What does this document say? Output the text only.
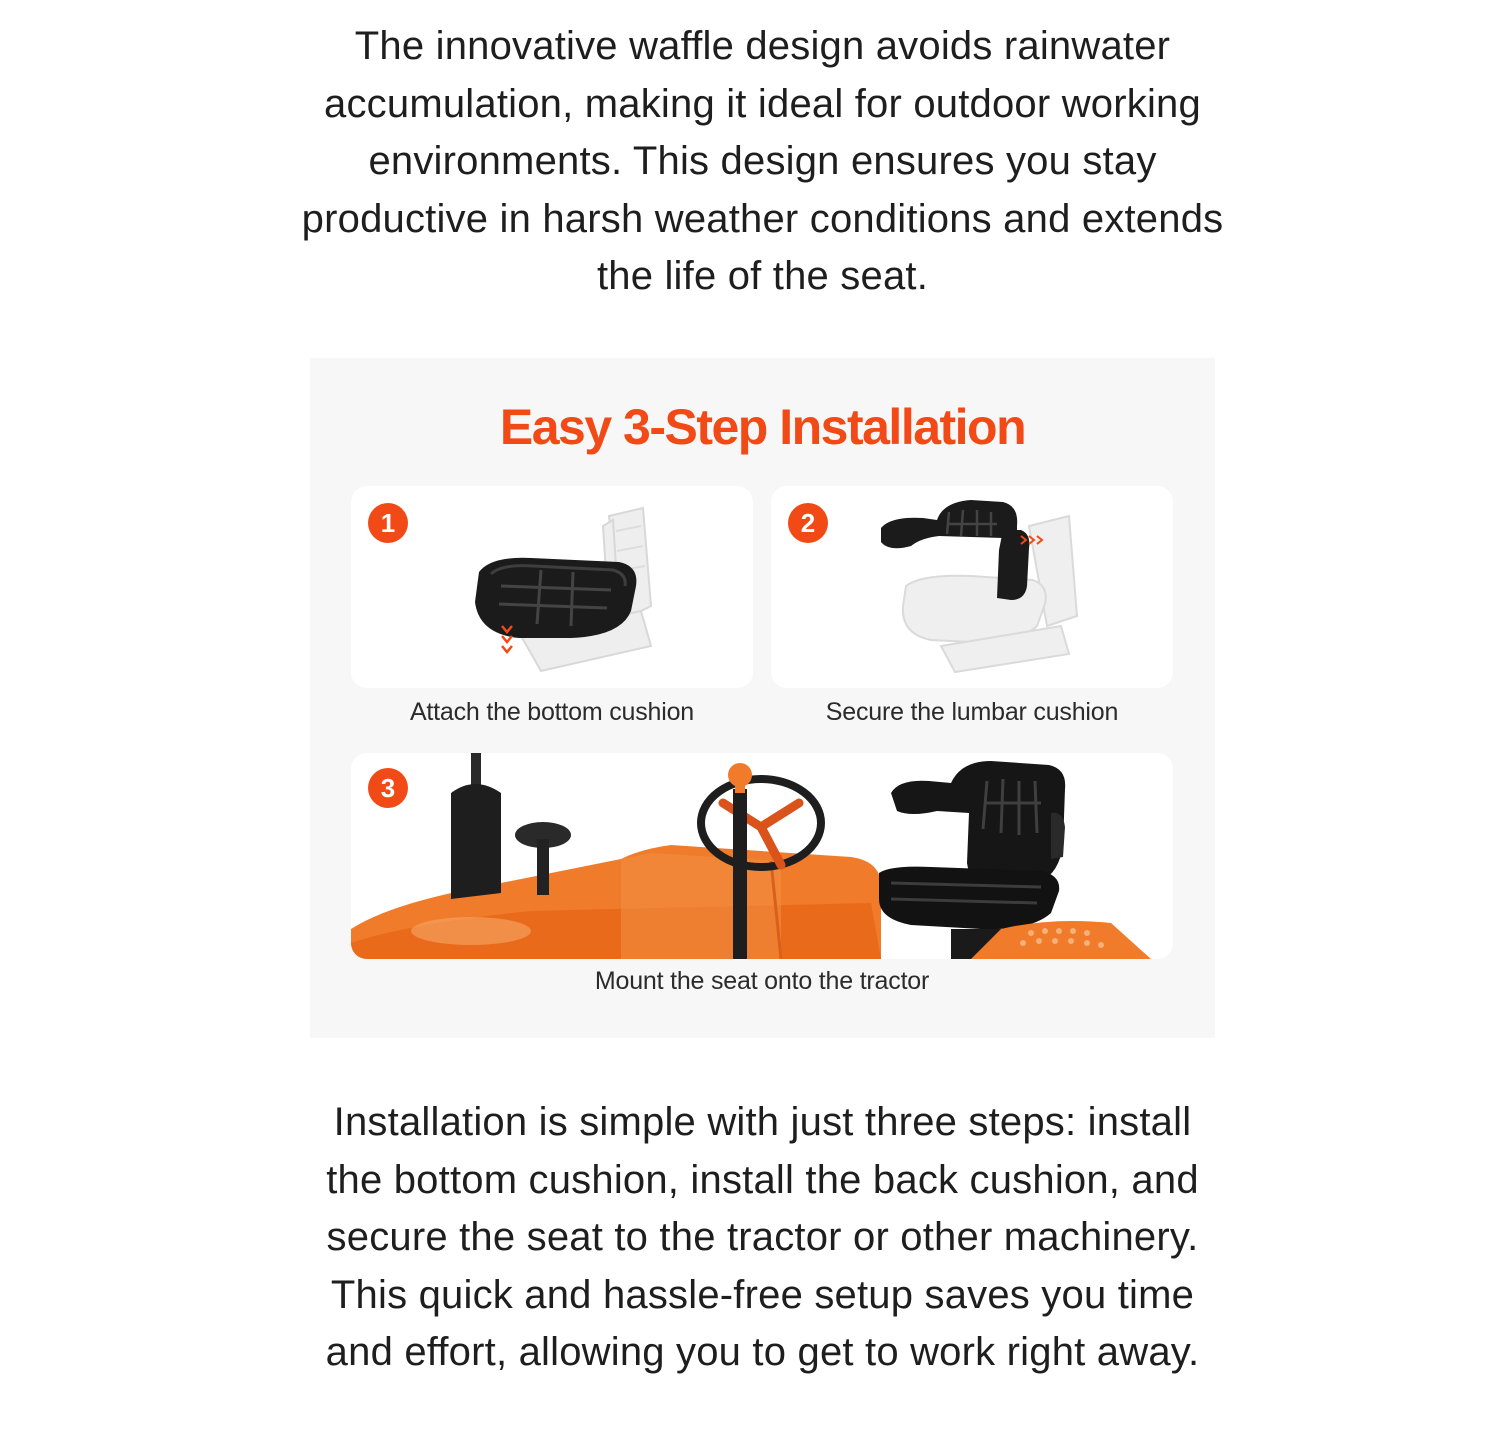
The innovative waffle design avoids rainwater accumulation, making it ideal for outdoor working environments. This design ensures you stay productive in harsh weather conditions and extends the life of the seat.
Easy 3-Step Installation
1
Attach the bottom cushion
2
Secure the lumbar cushion
3
Mount the seat onto the tractor
Installation is simple with just three steps: install the bottom cushion, install the back cushion, and secure the seat to the tractor or other machinery. This quick and hassle-free setup saves you time and effort, allowing you to get to work right away.
